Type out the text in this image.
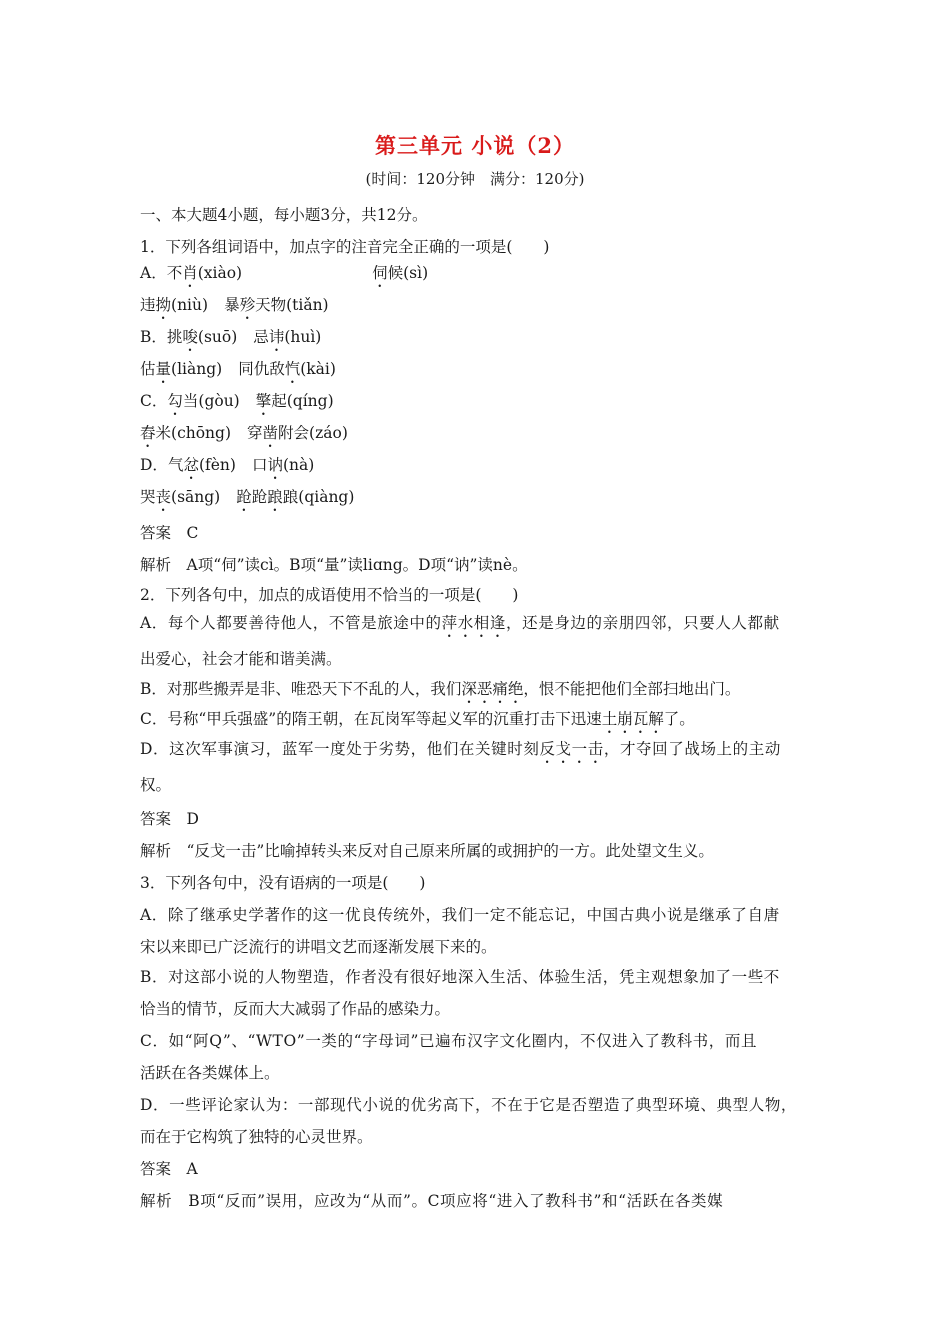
第三单元 小说（2）
(时间：120分钟　满分：120分)
一、本大题4小题，每小题3分，共12分。
1．下列各组词语中，加点字的注音完全正确的一项是(　　)
A．不肖(xiào)	伺候(sì)
违拗(niù) 暴殄天物(tiǎn)
B．挑唆(suō) 忌讳(huì)
估量(liàng) 同仇敌忾(kài)
C．勾当(gòu) 擎起(qíng)
舂米(chōng) 穿凿附会(záo)
D．气忿(fèn) 口讷(nà)
哭丧(sāng) 跄跄踉踉(qiàng)
答案　C
解析　A项“伺”读cì。B项“量”读liɑng。D项“讷”读nè。
2．下列各句中，加点的成语使用不恰当的一项是(　　)
A．每个人都要善待他人，不管是旅途中的萍水相逢，还是身边的亲朋四邻，只要人人都献
出爱心，社会才能和谐美满。
B．对那些搬弄是非、唯恐天下不乱的人，我们深恶痛绝，恨不能把他们全部扫地出门。
C．号称“甲兵强盛”的隋王朝，在瓦岗军等起义军的沉重打击下迅速土崩瓦解了。
D．这次军事演习，蓝军一度处于劣势，他们在关键时刻反戈一击，才夺回了战场上的主动
权。
答案　D
解析　“反戈一击”比喻掉转头来反对自己原来所属的或拥护的一方。此处望文生义。
3．下列各句中，没有语病的一项是(　　)
A．除了继承史学著作的这一优良传统外，我们一定不能忘记，中国古典小说是继承了自唐
宋以来即已广泛流行的讲唱文艺而逐渐发展下来的。
B．对这部小说的人物塑造，作者没有很好地深入生活、体验生活，凭主观想象加了一些不
恰当的情节，反而大大减弱了作品的感染力。
C．如“阿Q”、“WTO”一类的“字母词”已遍布汉字文化圈内，不仅进入了教科书，而且
活跃在各类媒体上。
D．一些评论家认为：一部现代小说的优劣高下，不在于它是否塑造了典型环境、典型人物，
而在于它构筑了独特的心灵世界。
答案　A
解析　B项“反而”误用，应改为“从而”。C项应将“进入了教科书”和“活跃在各类媒
